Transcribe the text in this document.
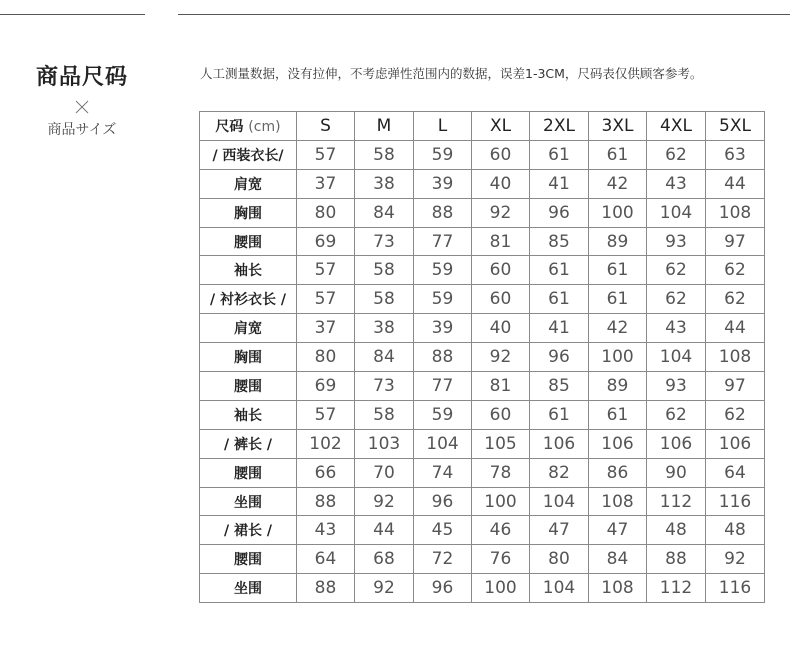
商品尺码
商品サイズ
人工测量数据，没有拉伸，不考虑弹性范围内的数据，误差1-3CM，尺码表仅供顾客参考。
尺码 (cm)	S	M	L	XL	2XL	3XL	4XL	5XL
/ 西装衣长/	57	58	59	60	61	61	62	63
肩宽	37	38	39	40	41	42	43	44
胸围	80	84	88	92	96	100	104	108
腰围	69	73	77	81	85	89	93	97
袖长	57	58	59	60	61	61	62	62
/ 衬衫衣长 /	57	58	59	60	61	61	62	62
肩宽	37	38	39	40	41	42	43	44
胸围	80	84	88	92	96	100	104	108
腰围	69	73	77	81	85	89	93	97
袖长	57	58	59	60	61	61	62	62
/ 裤长 /	102	103	104	105	106	106	106	106
腰围	66	70	74	78	82	86	90	64
坐围	88	92	96	100	104	108	112	116
/ 裙长 /	43	44	45	46	47	47	48	48
腰围	64	68	72	76	80	84	88	92
坐围	88	92	96	100	104	108	112	116
